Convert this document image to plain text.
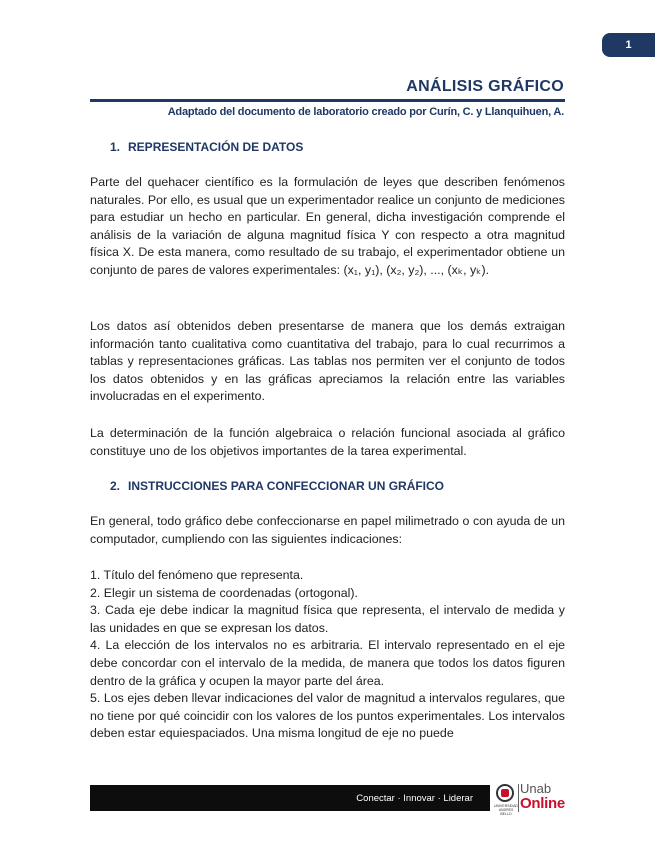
1
ANÁLISIS GRÁFICO
Adaptado del documento de laboratorio creado por Curín, C. y Llanquihuen, A.
1. REPRESENTACIÓN DE DATOS

Parte del quehacer científico es la formulación de leyes que describen fenómenos naturales. Por ello, es usual que un experimentador realice un conjunto de mediciones para estudiar un hecho en particular. En general, dicha investigación comprende el análisis de la variación de alguna magnitud física Y con respecto a otra magnitud física X. De esta manera, como resultado de su trabajo, el experimentador obtiene un conjunto de pares de valores experimentales: (x₁, y₁), (x₂, y₂), ..., (xₖ, yₖ).

Los datos así obtenidos deben presentarse de manera que los demás extraigan información tanto cualitativa como cuantitativa del trabajo, para lo cual recurrimos a tablas y representaciones gráficas. Las tablas nos permiten ver el conjunto de todos los datos obtenidos y en las gráficas apreciamos la relación entre las variables involucradas en el experimento.

La determinación de la función algebraica o relación funcional asociada al gráfico constituye uno de los objetivos importantes de la tarea experimental.

2. INSTRUCCIONES PARA CONFECCIONAR UN GRÁFICO

En general, todo gráfico debe confeccionarse en papel milimetrado o con ayuda de un computador, cumpliendo con las siguientes indicaciones:

1. Título del fenómeno que representa.

2. Elegir un sistema de coordenadas (ortogonal).

3. Cada eje debe indicar la magnitud física que representa, el intervalo de medida y las unidades en que se expresan los datos.

4. La elección de los intervalos no es arbitraria. El intervalo representado en el eje debe concordar con el intervalo de la medida, de manera que todos los datos figuren dentro de la gráfica y ocupen la mayor parte del área.

5. Los ejes deben llevar indicaciones del valor de magnitud a intervalos regulares, que no tiene por qué coincidir con los valores de los puntos experimentales. Los intervalos deben estar equiespaciados. Una misma longitud de eje no puede

Conectar · Innovar · Liderar
UNIVERSIDAD ANDRES BELLO
Unab
Online
